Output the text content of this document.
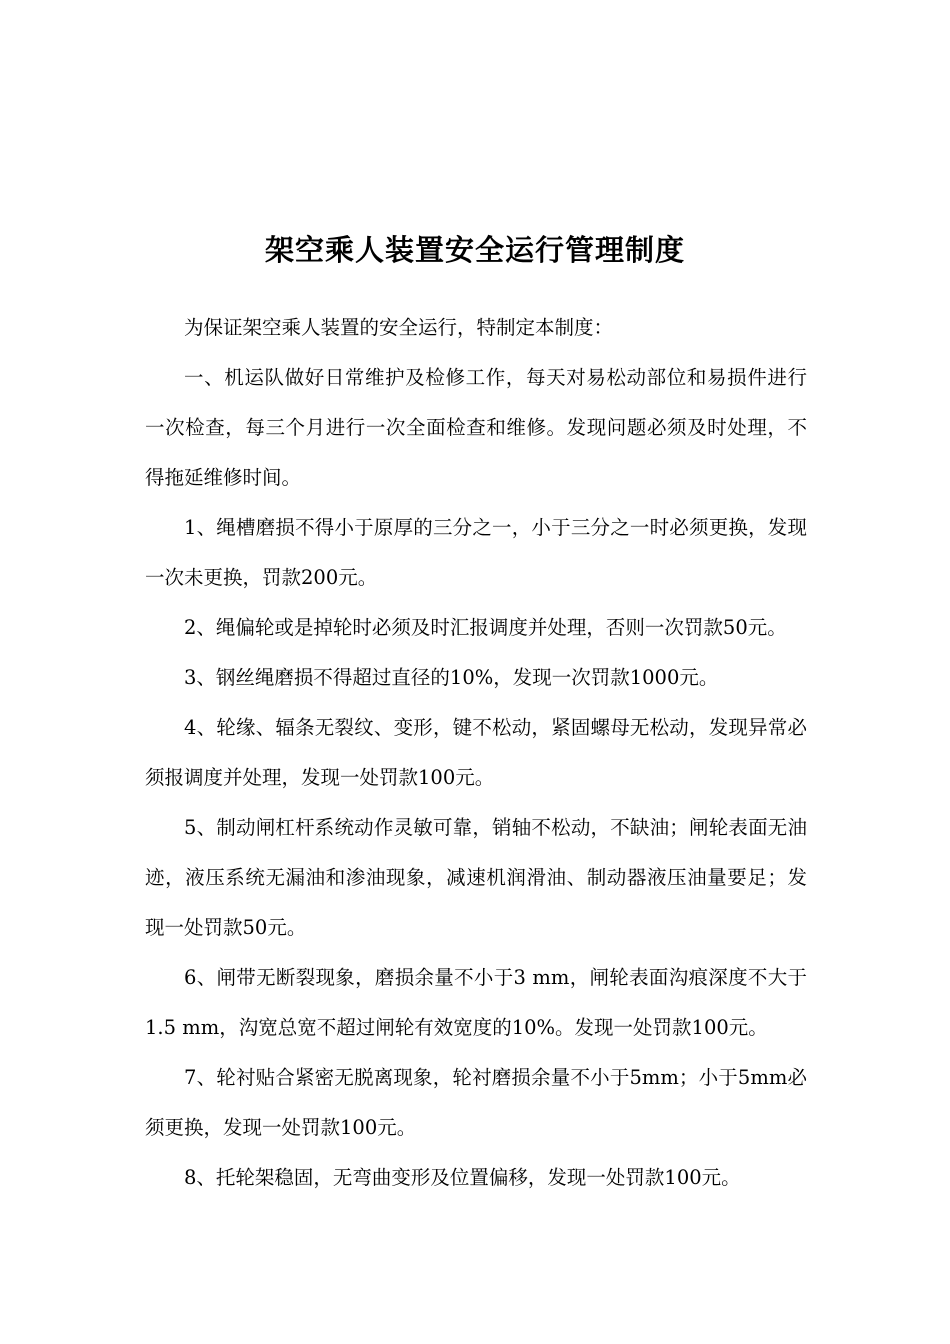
架空乘人装置安全运行管理制度

为保证架空乘人装置的安全运行，特制定本制度：

一、机运队做好日常维护及检修工作，每天对易松动部位和易损件进行一次检查，每三个月进行一次全面检查和维修。发现问题必须及时处理，不得拖延维修时间。

1、绳槽磨损不得小于原厚的三分之一，小于三分之一时必须更换，发现一次未更换，罚款200元。

2、绳偏轮或是掉轮时必须及时汇报调度并处理，否则一次罚款50元。

3、钢丝绳磨损不得超过直径的10%，发现一次罚款1000元。

4、轮缘、辐条无裂纹、变形，键不松动，紧固螺母无松动，发现异常必须报调度并处理，发现一处罚款100元。

5、制动闸杠杆系统动作灵敏可靠，销轴不松动，不缺油；闸轮表面无油迹，液压系统无漏油和渗油现象，减速机润滑油、制动器液压油量要足；发现一处罚款50元。

6、闸带无断裂现象，磨损余量不小于3 mm，闸轮表面沟痕深度不大于1.5 mm，沟宽总宽不超过闸轮有效宽度的10%。发现一处罚款100元。

7、轮衬贴合紧密无脱离现象，轮衬磨损余量不小于5mm；小于5mm必须更换，发现一处罚款100元。

8、托轮架稳固，无弯曲变形及位置偏移，发现一处罚款100元。
